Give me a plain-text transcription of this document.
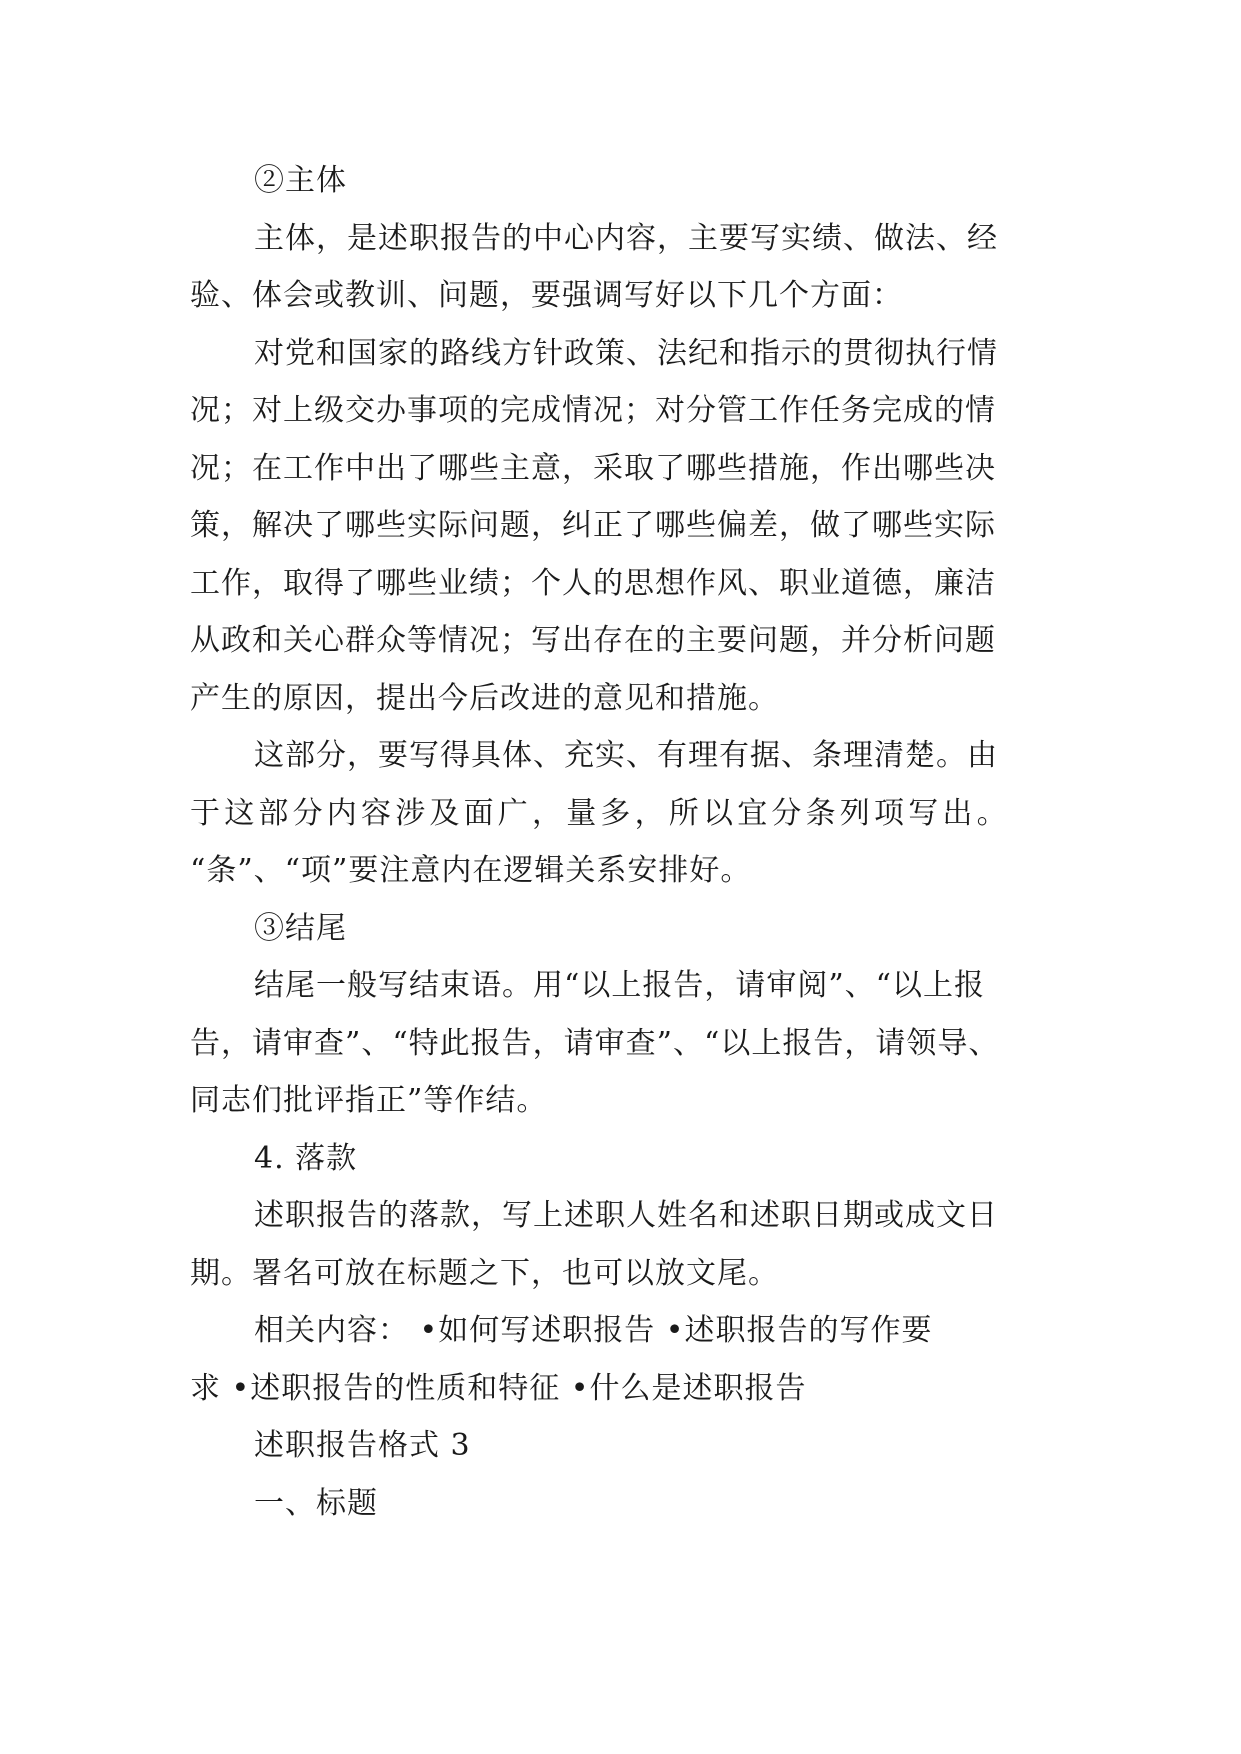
②主体
主体，是述职报告的中心内容，主要写实绩、做法、经
验、体会或教训、问题，要强调写好以下几个方面：
对党和国家的路线方针政策、法纪和指示的贯彻执行情
况；对上级交办事项的完成情况；对分管工作任务完成的情
况；在工作中出了哪些主意，采取了哪些措施，作出哪些决
策，解决了哪些实际问题，纠正了哪些偏差，做了哪些实际
工作，取得了哪些业绩；个人的思想作风、职业道德，廉洁
从政和关心群众等情况；写出存在的主要问题，并分析问题
产生的原因，提出今后改进的意见和措施。
这部分，要写得具体、充实、有理有据、条理清楚。由
于这部分内容涉及面广，量多，所以宜分条列项写出。
“条”、“项”要注意内在逻辑关系安排好。
③结尾
结尾一般写结束语。用“以上报告，请审阅”、“以上报
告，请审查”、“特此报告，请审查”、“以上报告，请领导、
同志们批评指正”等作结。
4. 落款
述职报告的落款，写上述职人姓名和述职日期或成文日
期。署名可放在标题之下，也可以放文尾。
相关内容： •如何写述职报告 •述职报告的写作要
求 •述职报告的性质和特征 •什么是述职报告
述职报告格式 3
一、标题
